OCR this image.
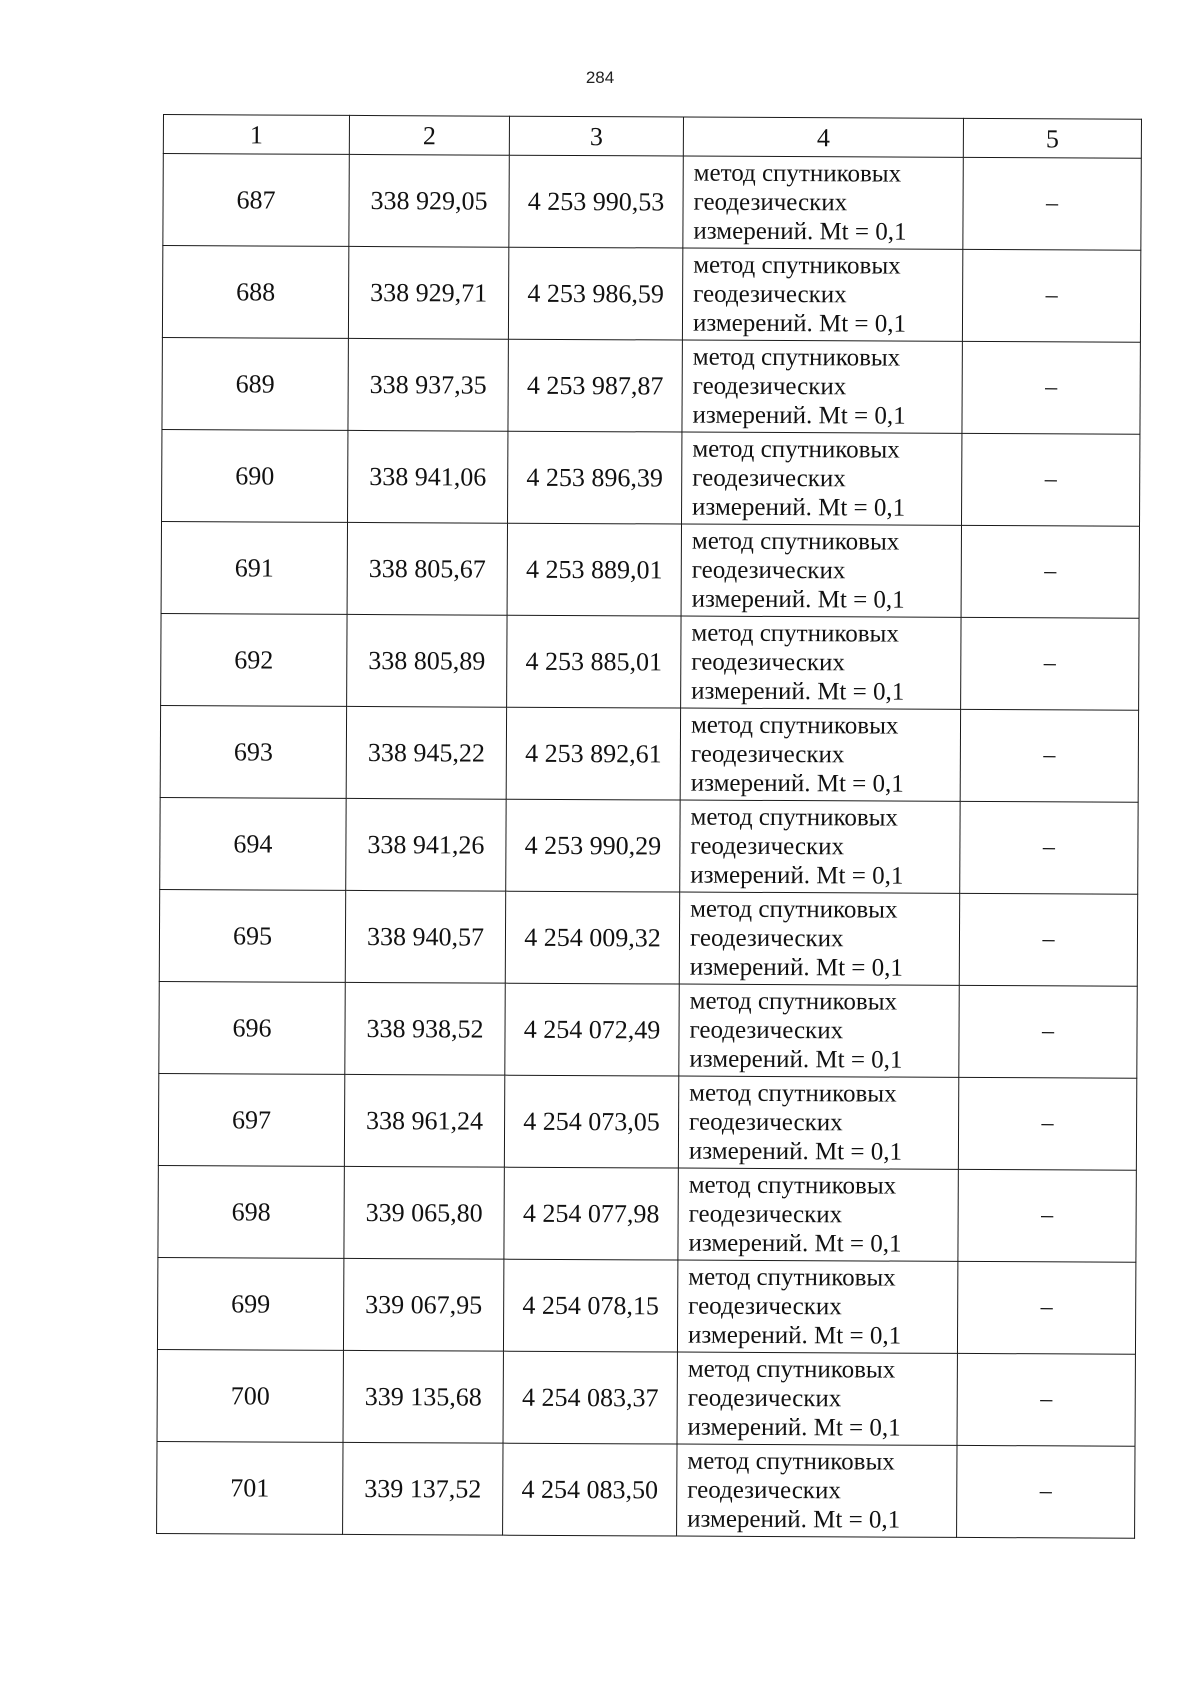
284
1	2	3	4	5
687	338 929,05	4 253 990,53	метод спутниковых
геодезических
измерений. Mt = 0,1	–
688	338 929,71	4 253 986,59	метод спутниковых
геодезических
измерений. Mt = 0,1	–
689	338 937,35	4 253 987,87	метод спутниковых
геодезических
измерений. Mt = 0,1	–
690	338 941,06	4 253 896,39	метод спутниковых
геодезических
измерений. Mt = 0,1	–
691	338 805,67	4 253 889,01	метод спутниковых
геодезических
измерений. Mt = 0,1	–
692	338 805,89	4 253 885,01	метод спутниковых
геодезических
измерений. Mt = 0,1	–
693	338 945,22	4 253 892,61	метод спутниковых
геодезических
измерений. Mt = 0,1	–
694	338 941,26	4 253 990,29	метод спутниковых
геодезических
измерений. Mt = 0,1	–
695	338 940,57	4 254 009,32	метод спутниковых
геодезических
измерений. Mt = 0,1	–
696	338 938,52	4 254 072,49	метод спутниковых
геодезических
измерений. Mt = 0,1	–
697	338 961,24	4 254 073,05	метод спутниковых
геодезических
измерений. Mt = 0,1	–
698	339 065,80	4 254 077,98	метод спутниковых
геодезических
измерений. Mt = 0,1	–
699	339 067,95	4 254 078,15	метод спутниковых
геодезических
измерений. Mt = 0,1	–
700	339 135,68	4 254 083,37	метод спутниковых
геодезических
измерений. Mt = 0,1	–
701	339 137,52	4 254 083,50	метод спутниковых
геодезических
измерений. Mt = 0,1	–
